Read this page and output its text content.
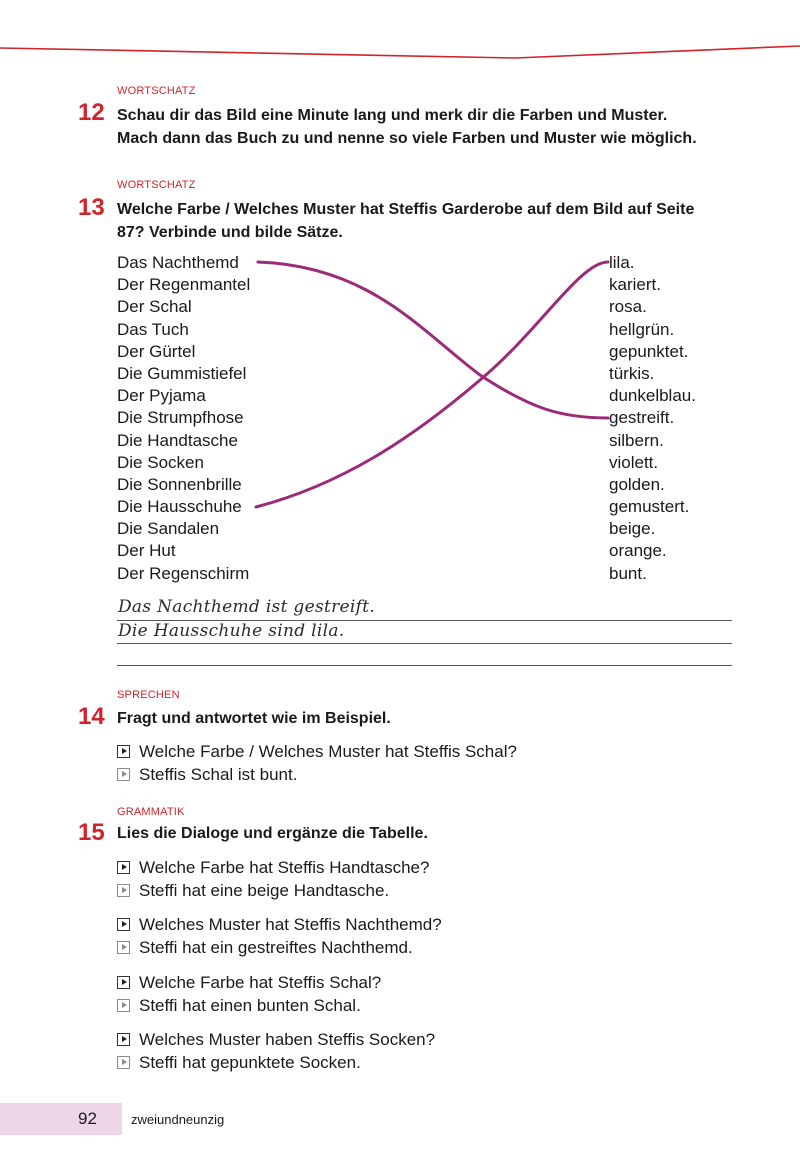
WORTSCHATZ
12 Schau dir das Bild eine Minute lang und merk dir die Farben und Muster.
Mach dann das Buch zu und nenne so viele Farben und Muster wie möglich.
WORTSCHATZ
13 Welche Farbe / Welches Muster hat Steffis Garderobe auf dem Bild auf Seite
87? Verbinde und bilde Sätze.
Das Nachthemd
Der Regenmantel
Der Schal
Das Tuch
Der Gürtel
Die Gummistiefel
Der Pyjama
Die Strumpfhose
Die Handtasche
Die Socken
Die Sonnenbrille
Die Hausschuhe
Die Sandalen
Der Hut
Der Regenschirm
lila.
kariert.
rosa.
hellgrün.
gepunktet.
türkis.
dunkelblau.
gestreift.
silbern.
violett.
golden.
gemustert.
beige.
orange.
bunt.
Das Nachthemd ist gestreift.
Die Hausschuhe sind lila.
SPRECHEN
14 Fragt und antwortet wie im Beispiel.
Welche Farbe / Welches Muster hat Steffis Schal?
Steffis Schal ist bunt.
GRAMMATIK
15 Lies die Dialoge und ergänze die Tabelle.
Welche Farbe hat Steffis Handtasche?
Steffi hat eine beige Handtasche.
Welches Muster hat Steffis Nachthemd?
Steffi hat ein gestreiftes Nachthemd.
Welche Farbe hat Steffis Schal?
Steffi hat einen bunten Schal.
Welches Muster haben Steffis Socken?
Steffi hat gepunktete Socken.
92	zweiundneunzig
